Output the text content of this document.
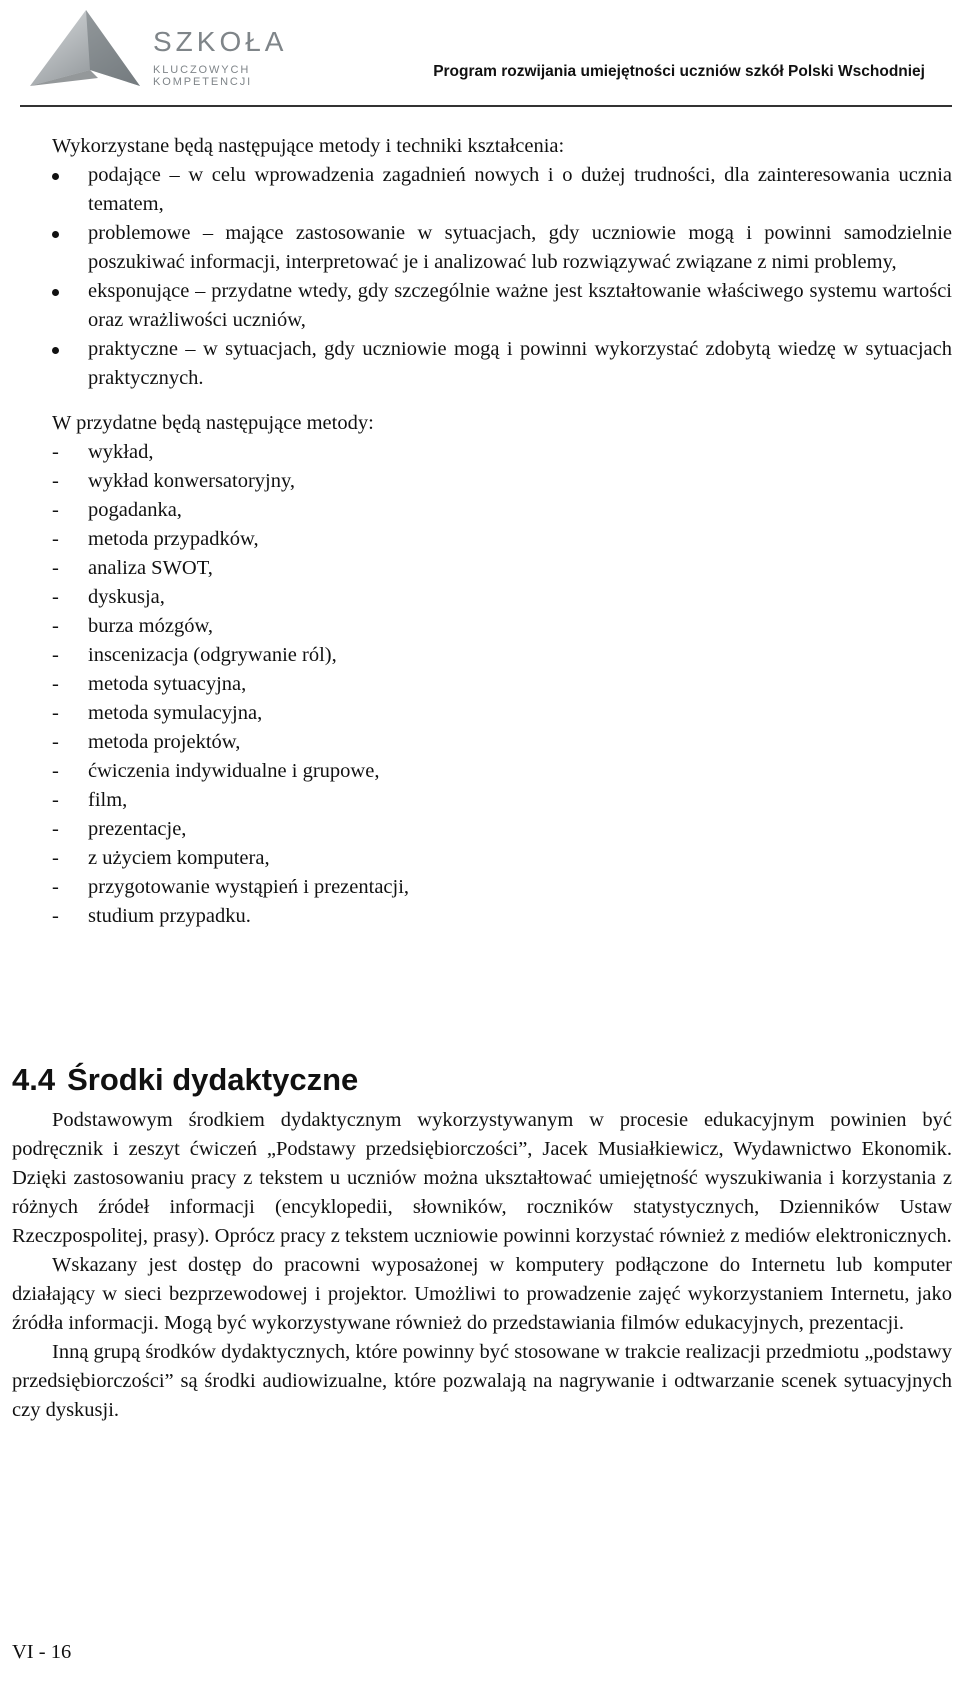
SZKOŁA
KLUCZOWYCH KOMPETENCJI
Program rozwijania umiejętności uczniów szkół Polski Wschodniej

Wykorzystane będą następujące metody i techniki kształcenia:

podające – w celu wprowadzenia zagadnień nowych i o dużej trudności, dla zainteresowania ucznia tematem,
problemowe – mające zastosowanie w sytuacjach, gdy uczniowie mogą i powinni samodzielnie poszukiwać informacji, interpretować je i analizować lub rozwiązywać związane z nimi problemy,
eksponujące – przydatne wtedy, gdy szczególnie ważne jest kształtowanie właściwego systemu wartości oraz wrażliwości uczniów,
praktyczne – w sytuacjach, gdy uczniowie mogą i powinni wykorzystać zdobytą wiedzę w sytuacjach praktycznych.

W przydatne będą następujące metody:

- wykład,
- wykład konwersatoryjny,
- pogadanka,
- metoda przypadków,
- analiza SWOT,
- dyskusja,
- burza mózgów,
- inscenizacja (odgrywanie ról),
- metoda sytuacyjna,
- metoda symulacyjna,
- metoda projektów,
- ćwiczenia indywidualne i grupowe,
- film,
- prezentacje,
- z użyciem komputera,
- przygotowanie wystąpień i prezentacji,
- studium przypadku.
4.4 Środki dydaktyczne

Podstawowym środkiem dydaktycznym wykorzystywanym w procesie edukacyjnym powinien być podręcznik i zeszyt ćwiczeń „Podstawy przedsiębiorczości”, Jacek Musiałkiewicz, Wydawnictwo Ekonomik. Dzięki zastosowaniu pracy z tekstem u uczniów można ukształtować umiejętność wyszukiwania i korzystania z różnych źródeł informacji (encyklopedii, słowników, roczników statystycznych, Dzienników Ustaw Rzeczpospolitej, prasy). Oprócz pracy z tekstem uczniowie powinni korzystać również z mediów elektronicznych.

Wskazany jest dostęp do pracowni wyposażonej w komputery podłączone do Internetu lub komputer działający w sieci bezprzewodowej i projektor. Umożliwi to prowadzenie zajęć wykorzystaniem Internetu, jako źródła informacji. Mogą być wykorzystywane również do przedstawiania filmów edukacyjnych, prezentacji.

Inną grupą środków dydaktycznych, które powinny być stosowane w trakcie realizacji przedmiotu „podstawy przedsiębiorczości” są środki audiowizualne, które pozwalają na nagrywanie i odtwarzanie scenek sytuacyjnych czy dyskusji.

VI - 16
